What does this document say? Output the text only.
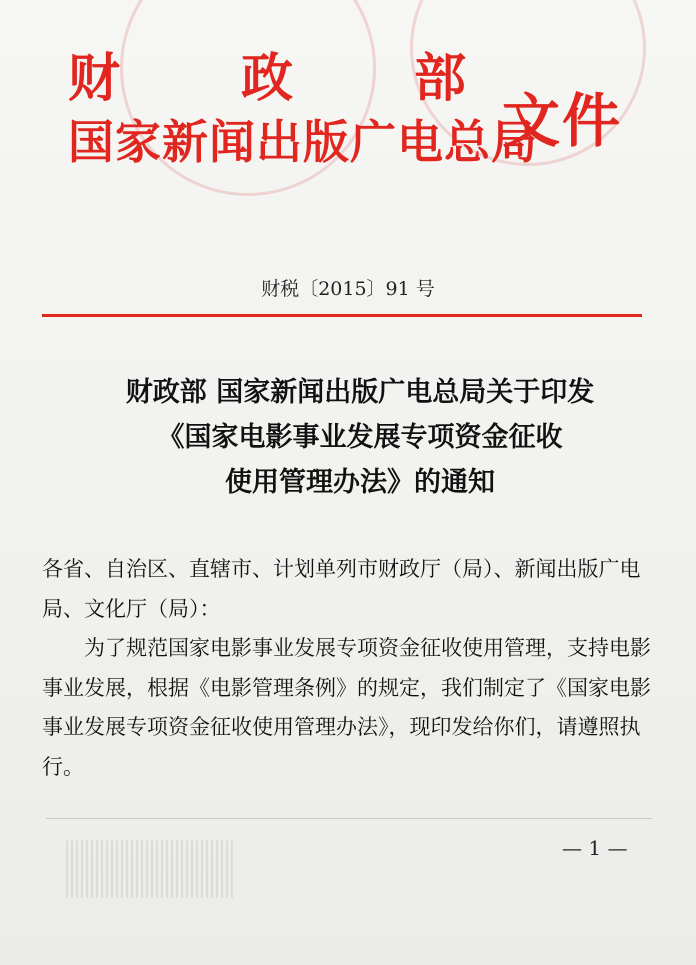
财 政 部
国家新闻出版广电总局
文件
财税〔2015〕91 号
财政部 国家新闻出版广电总局关于印发
《国家电影事业发展专项资金征收
使用管理办法》的通知

各省、自治区、直辖市、计划单列市财政厅（局）、新闻出版广电局、文化厅（局）：

为了规范国家电影事业发展专项资金征收使用管理，支持电影事业发展，根据《电影管理条例》的规定，我们制定了《国家电影事业发展专项资金征收使用管理办法》，现印发给你们，请遵照执行。

— 1 —
